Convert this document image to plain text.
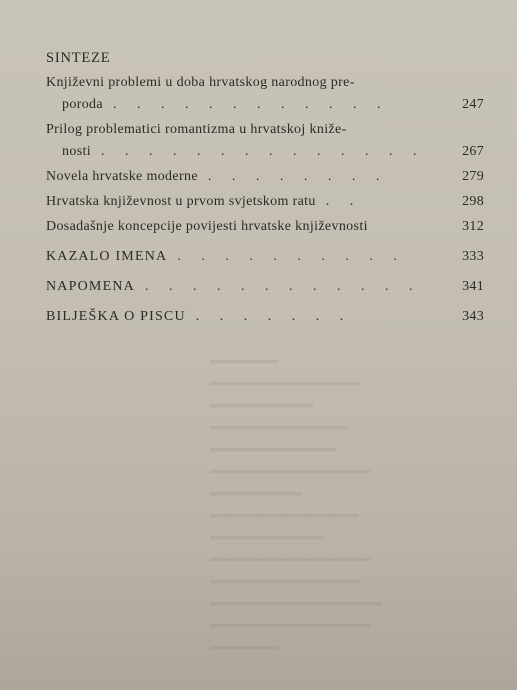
▬▬▬▬▬▬
▬▬▬▬▬▬▬▬▬▬▬▬▬▬
▬▬▬▬▬▬▬▬▬▬▬▬▬▬▬
▬▬▬▬▬▬▬▬▬▬▬▬▬
▬▬▬▬▬▬▬▬▬▬▬▬▬▬
▬▬▬▬▬▬▬▬▬▬
▬▬▬▬▬▬▬▬▬▬▬▬▬
▬▬▬▬▬▬▬▬
▬▬▬▬▬▬▬▬▬▬▬▬▬▬
▬▬▬▬▬▬▬▬▬▬▬
▬▬▬▬▬▬▬▬▬▬▬▬
▬▬▬▬▬▬▬▬▬
▬▬▬▬▬▬▬▬▬▬▬▬▬
▬▬▬▬▬▬
SINTEZE
Književni problemi u doba hrvatskog narodnog pre-
poroda . . . . . . . . . . . .	247
Prilog problematici romantizma u hrvatskoj kniže-
nosti . . . . . . . . . . . . . .	267
Novela hrvatske moderne . . . . . . . .	279
Hrvatska književnost u prvom svjetskom ratu . .	298
Dosadašnje koncepcije povijesti hrvatske književnosti	312
KAZALO IMENA . . . . . . . . . .	333
NAPOMENA . . . . . . . . . . . .	341
BILJEŠKA O PISCU . . . . . . .	343
